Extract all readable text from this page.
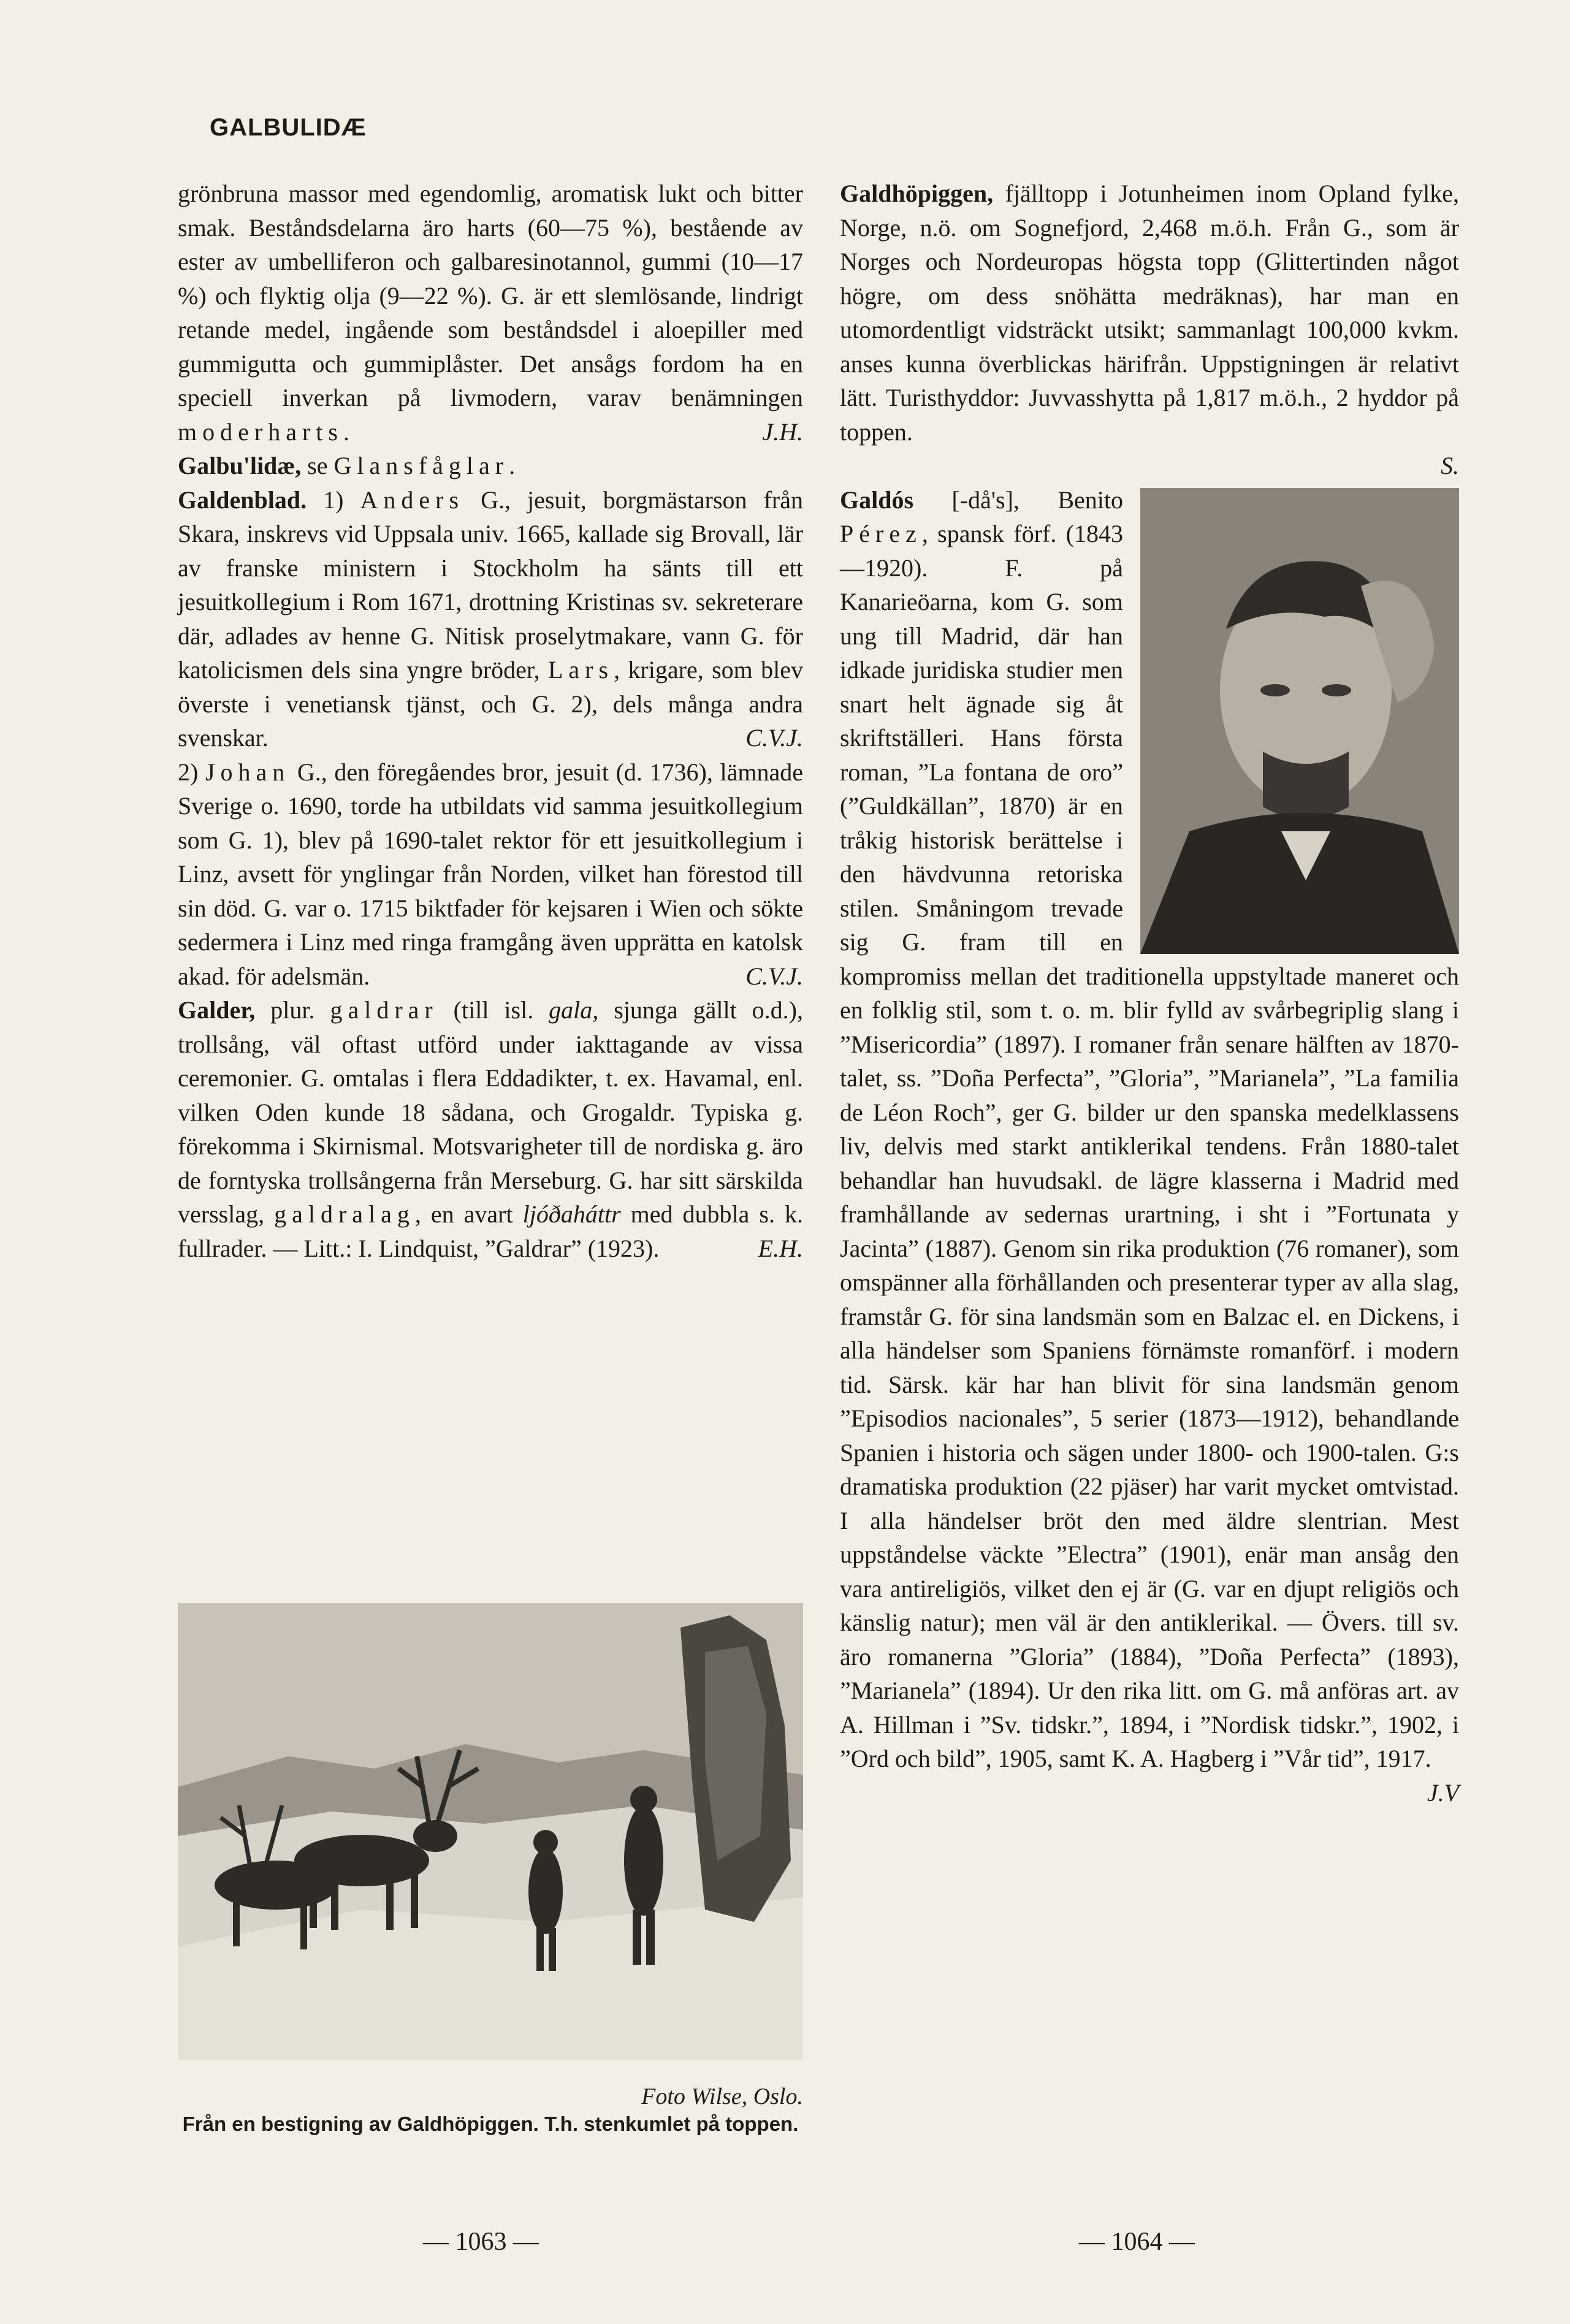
GALBULIDÆ

grönbruna massor med egendomlig, aromatisk lukt och bitter smak. Beståndsdelarna äro harts (60—75 %), bestående av ester av umbelliferon och galbaresinotannol, gummi (10—17 %) och flyktig olja (9—22 %). G. är ett slemlösande, lindrigt retande medel, ingående som beståndsdel i aloepiller med gummigutta och gummiplåster. Det ansågs fordom ha en speciell inverkan på livmodern, varav benämningen moderharts.	J.H.

Galbu'lidæ, se Glansfåglar.

Galdenblad. 1) Anders G., jesuit, borgmästarson från Skara, inskrevs vid Uppsala univ. 1665, kallade sig Brovall, lär av franske ministern i Stockholm ha sänts till ett jesuitkollegium i Rom 1671, drottning Kristinas sv. sekreterare där, adlades av henne G. Nitisk proselytmakare, vann G. för katolicismen dels sina yngre bröder, Lars, krigare, som blev överste i venetiansk tjänst, och G. 2), dels många andra svenskar.	C.V.J.

2) Johan G., den föregåendes bror, jesuit (d. 1736), lämnade Sverige o. 1690, torde ha utbildats vid samma jesuitkollegium som G. 1), blev på 1690-talet rektor för ett jesuitkollegium i Linz, avsett för ynglingar från Norden, vilket han förestod till sin död. G. var o. 1715 biktfader för kejsaren i Wien och sökte sedermera i Linz med ringa framgång även upprätta en katolsk akad. för adelsmän.	C.V.J.

Galder, plur. galdrar (till isl. gala, sjunga gällt o.d.), trollsång, väl oftast utförd under iakttagande av vissa ceremonier. G. omtalas i flera Eddadikter, t. ex. Havamal, enl. vilken Oden kunde 18 sådana, och Grogaldr. Typiska g. förekomma i Skirnismal. Motsvarigheter till de nordiska g. äro de forntyska trollsångerna från Merseburg. G. har sitt särskilda versslag, galdralag, en avart ljóðaháttr med dubbla s. k. fullrader. — Litt.: I. Lindquist, ”Galdrar” (1923).	E.H.

Foto Wilse, Oslo.
Från en bestigning av Galdhöpiggen. T.h. stenkumlet på toppen.

Galdhöpiggen, fjälltopp i Jotunheimen inom Opland fylke, Norge, n.ö. om Sognefjord, 2,468 m.ö.h. Från G., som är Norges och Nordeuropas högsta topp (Glittertinden något högre, om dess snöhätta medräknas), har man en utomordentligt vidsträckt utsikt; sammanlagt 100,000 kvkm. anses kunna överblickas härifrån. Uppstigningen är relativt lätt. Turisthyddor: Juvvasshytta på 1,817 m.ö.h., 2 hyddor på toppen.

S.

Galdós [-då's], Benito Pérez, spansk förf. (1843—1920). F. på Kanarieöarna, kom G. som ung till Madrid, där han idkade juridiska studier men snart helt ägnade sig åt skriftställeri. Hans första roman, ”La fontana de oro” (”Guldkällan”, 1870) är en tråkig historisk berättelse i den hävdvunna retoriska stilen. Småningom trevade sig G. fram till en kompromiss mellan det traditionella uppstyltade maneret och en folklig stil, som t. o. m. blir fylld av svårbegriplig slang i ”Misericordia” (1897). I romaner från senare hälften av 1870-talet, ss. ”Doña Perfecta”, ”Gloria”, ”Marianela”, ”La familia de Léon Roch”, ger G. bilder ur den spanska medelklassens liv, delvis med starkt antiklerikal tendens. Från 1880-talet behandlar han huvudsakl. de lägre klasserna i Madrid med framhållande av sedernas urartning, i sht i ”Fortunata y Jacinta” (1887). Genom sin rika produktion (76 romaner), som omspänner alla förhållanden och presenterar typer av alla slag, framstår G. för sina landsmän som en Balzac el. en Dickens, i alla händelser som Spaniens förnämste romanförf. i modern tid. Särsk. kär har han blivit för sina landsmän genom ”Episodios nacionales”, 5 serier (1873—1912), behandlande Spanien i historia och sägen under 1800- och 1900-talen. G:s dramatiska produktion (22 pjäser) har varit mycket omtvistad. I alla händelser bröt den med äldre slentrian. Mest uppståndelse väckte ”Electra” (1901), enär man ansåg den vara antireligiös, vilket den ej är (G. var en djupt religiös och känslig natur); men väl är den antiklerikal. — Övers. till sv. äro romanerna ”Gloria” (1884), ”Doña Perfecta” (1893), ”Marianela” (1894). Ur den rika litt. om G. må anföras art. av A. Hillman i ”Sv. tidskr.”, 1894, i ”Nordisk tidskr.”, 1902, i ”Ord och bild”, 1905, samt K. A. Hagberg i ”Vår tid”, 1917.
J.V

— 1063 —	— 1064 —
